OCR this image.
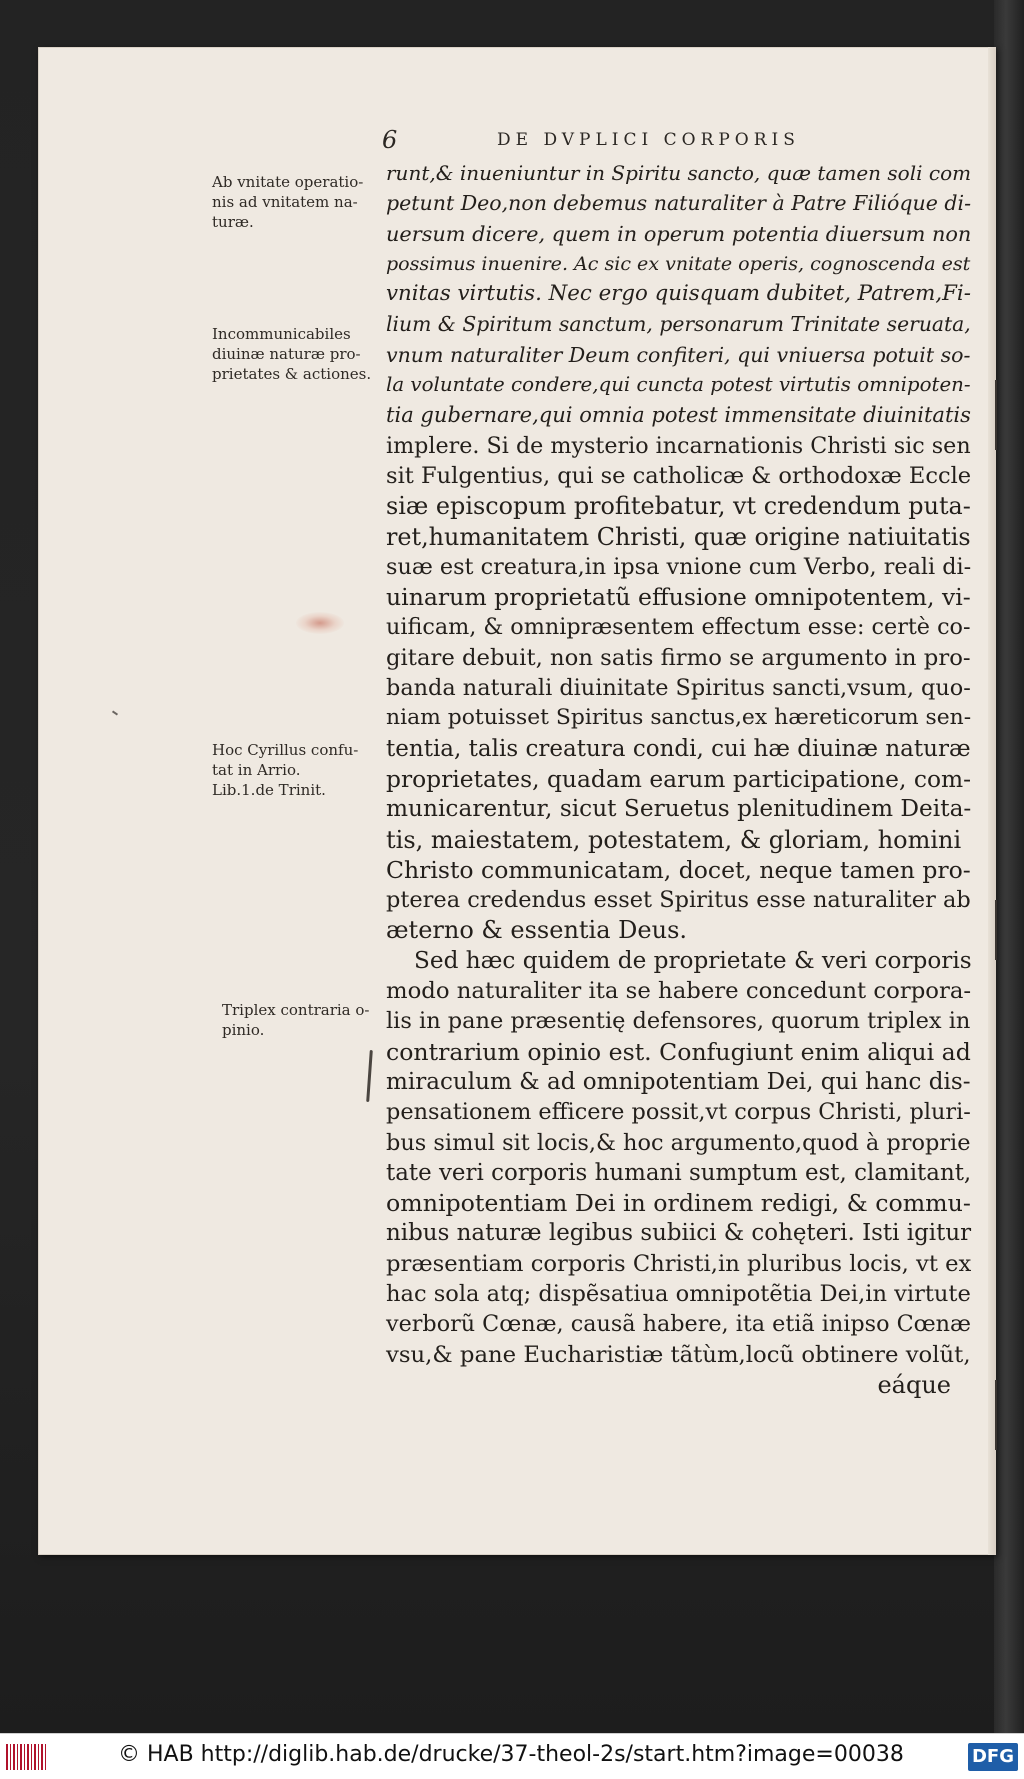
6	DE DVPLICI CORPORIS
Ab vnitate operatio-
nis ad vnitatem na-
turæ.
Incommunicabiles
diuinæ naturæ pro-
prietates & actiones.
Hoc Cyrillus confu-
tat in Arrio.
Lib.1.de Trinit.
Triplex contraria o-
pinio.
runt,& inueniuntur in Spiritu sancto, quæ tamen soli com
petunt Deo,non debemus naturaliter à Patre Filióque di-
uersum dicere, quem in operum potentia diuersum non
possimus inuenire. Ac sic ex vnitate operis, cognoscenda est
vnitas virtutis. Nec ergo quisquam dubitet, Patrem,Fi-
lium & Spiritum sanctum, personarum Trinitate seruata,
vnum naturaliter Deum confiteri, qui vniuersa potuit so-
la voluntate condere,qui cuncta potest virtutis omnipoten-
tia gubernare,qui omnia potest immensitate diuinitatis
implere. Si de mysterio incarnationis Christi sic sen
sit Fulgentius, qui se catholicæ & orthodoxæ Eccle
siæ episcopum profitebatur, vt credendum puta-
ret,humanitatem Christi, quæ origine natiuitatis
suæ est creatura,in ipsa vnione cum Verbo, reali di-
uinarum proprietatũ effusione omnipotentem, vi-
uificam, & omnipræsentem effectum esse: certè co-
gitare debuit, non satis firmo se argumento in pro-
banda naturali diuinitate Spiritus sancti,vsum, quo-
niam potuisset Spiritus sanctus,ex hæreticorum sen-
tentia, talis creatura condi, cui hæ diuinæ naturæ
proprietates, quadam earum participatione, com-
municarentur, sicut Seruetus plenitudinem Deita-
tis, maiestatem, potestatem, & gloriam, homini
Christo communicatam, docet, neque tamen pro-
pterea credendus esset Spiritus esse naturaliter ab
æterno & essentia Deus.
Sed hæc quidem de proprietate & veri corporis
modo naturaliter ita se habere concedunt corpora-
lis in pane præsentię defensores, quorum triplex in
contrarium opinio est. Confugiunt enim aliqui ad
miraculum & ad omnipotentiam Dei, qui hanc dis-
pensationem efficere possit,vt corpus Christi, pluri-
bus simul sit locis,& hoc argumento,quod à proprie
tate veri corporis humani sumptum est, clamitant,
omnipotentiam Dei in ordinem redigi, & commu-
nibus naturæ legibus subiici & cohęteri. Isti igitur
præsentiam corporis Christi,in pluribus locis, vt ex
hac sola atq; dispẽsatiua omnipotẽtia Dei,in virtute
verborũ Cœnæ, causã habere, ita etiã inipso Cœnæ
vsu,& pane Eucharistiæ tãtùm,locũ obtinere volũt,
eáque
© HAB http://diglib.hab.de/drucke/37-theol-2s/start.htm?image=00038	DFG
